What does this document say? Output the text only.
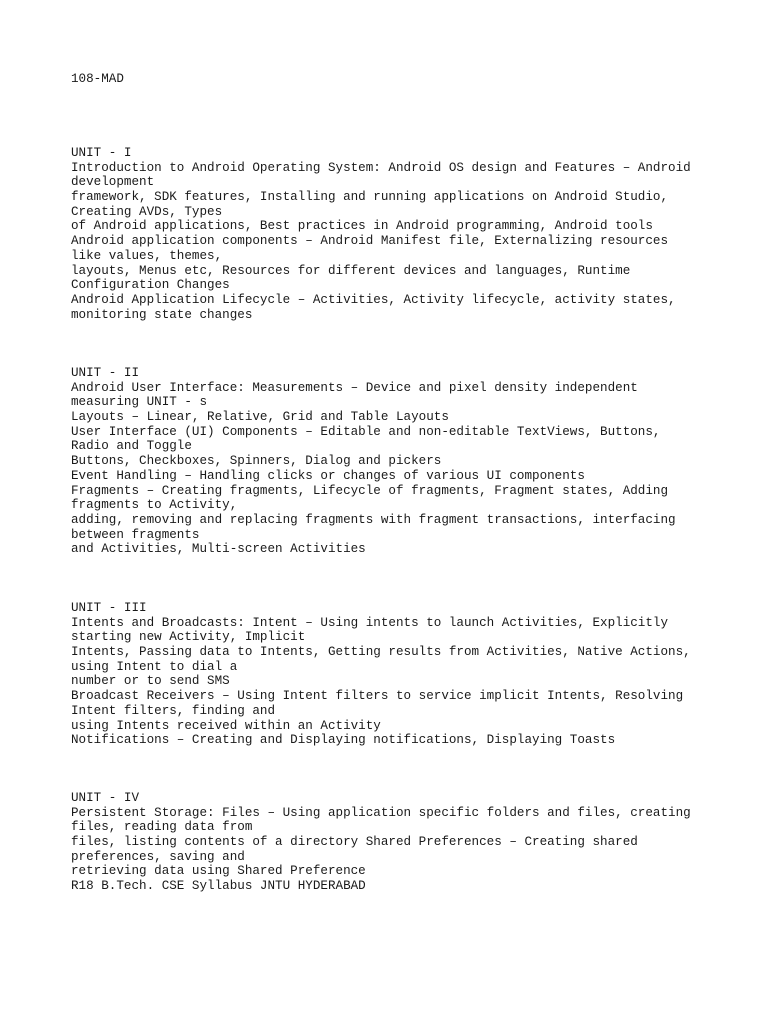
108-MAD
UNIT - I
Introduction to Android Operating System: Android OS design and Features – Android
development
framework, SDK features, Installing and running applications on Android Studio,
Creating AVDs, Types
of Android applications, Best practices in Android programming, Android tools
Android application components – Android Manifest file, Externalizing resources
like values, themes,
layouts, Menus etc, Resources for different devices and languages, Runtime
Configuration Changes
Android Application Lifecycle – Activities, Activity lifecycle, activity states,
monitoring state changes
UNIT - II
Android User Interface: Measurements – Device and pixel density independent
measuring UNIT - s
Layouts – Linear, Relative, Grid and Table Layouts
User Interface (UI) Components – Editable and non-editable TextViews, Buttons,
Radio and Toggle
Buttons, Checkboxes, Spinners, Dialog and pickers
Event Handling – Handling clicks or changes of various UI components
Fragments – Creating fragments, Lifecycle of fragments, Fragment states, Adding
fragments to Activity,
adding, removing and replacing fragments with fragment transactions, interfacing
between fragments
and Activities, Multi-screen Activities
UNIT - III
Intents and Broadcasts: Intent – Using intents to launch Activities, Explicitly
starting new Activity, Implicit
Intents, Passing data to Intents, Getting results from Activities, Native Actions,
using Intent to dial a
number or to send SMS
Broadcast Receivers – Using Intent filters to service implicit Intents, Resolving
Intent filters, finding and
using Intents received within an Activity
Notifications – Creating and Displaying notifications, Displaying Toasts
UNIT - IV
Persistent Storage: Files – Using application specific folders and files, creating
files, reading data from
files, listing contents of a directory Shared Preferences – Creating shared
preferences, saving and
retrieving data using Shared Preference
R18 B.Tech. CSE Syllabus JNTU HYDERABAD
